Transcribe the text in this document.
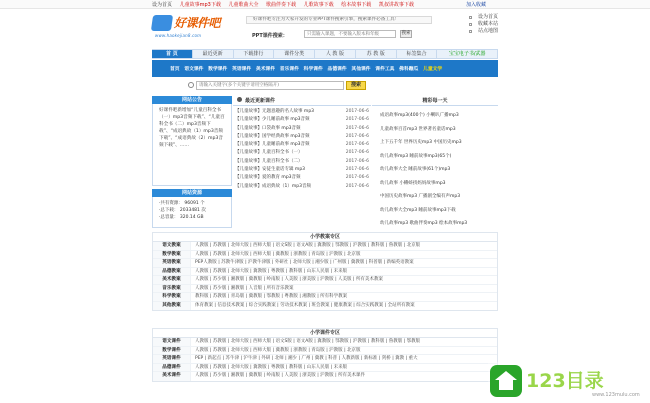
设为首页 儿童故事mp3下载 儿童歌曲大全 歌曲伴奏下载 儿歌故事下载 绘本故事下载 凯叔讲故事下载	加入收藏
好课件吧
www.haokejian8.com
好课件吧专注为大家开发的专业PPT课件搜索引擎，搜索课件必备工具！
PPT课件搜索：
只需输入课题，不要输入版本和年级	搜索
设为首页
收藏本站
站点地图
首 页	最近更新	下载排行	课件分类	人 教 版	苏 教 版	标签集合	宝宝电子书/武器
首页 语文课件 数学课件 英语课件 美术课件 音乐课件 科学课件 品德课件 其他课件 课件工具 佛科蹦瓜 儿童文学
请输入关键字(多个关键字请用空格隔开)
搜索
网站公告
好课件吧新增加“儿童百科全书（一）mp3音频下载”、“儿童百科全书（二）mp3音频下载”、“成语典故（1）mp3音频下载”、“成语典故（2）mp3音频下载”、……
网站资源
·共有资源： 96091 个
·总下载： 2033481 次
·总容量： 320.14 GB
最近更新课件
【儿童故事】无题意趣的名人故事 mp3	2017-06-6
【儿童故事】少儿睡前故事 mp3音频	2017-06-6
【儿童故事】口袋故事 mp3音频	2017-06-6
【儿童故事】国学经典故事 mp3音频	2017-06-6
【儿童故事】儿童睡前故事 mp3音频	2017-06-6
【儿童故事】儿童百科全书（一）	2017-06-6
【儿童故事】儿童百科全书（二）	2017-06-6
【儿童故事】安徒生童话专辑 mp3	2017-06-6
【儿童故事】爱的教育 mp3音频	2017-06-6
【儿童故事】成语典故（1）mp3音频	2017-06-6
精彩每一天
成语故事mp3(400个) 小喇叭广播mp3
儿童故事百首mp3 世界著名童话mp3
上下五千年 世界历史mp3 中国历史mp3
幼儿故事mp3 睡前故事mp3(65个)
幼儿故事大全 睡前故事(61个)mp3
幼儿故事 小蝌蚪找妈妈故事mp3
中国历史故事mp3 广播剧全编有声mp3
幼儿故事大全mp3 睡前故事mp3下载
幼儿故事mp3 歌曲伴奏mp3 绘本故事mp3
小学教案专区
语文教案	人教版 | 苏教版 | 北师大版 | 西师大版 | 语文S版 | 语文A版 | 冀教版 | 鄂教版 | 沪教版 | 教科版 | 鲁教版 | 北京版
数学教案	人教版 | 苏教版 | 北师大版 | 西师大版 | 冀教版 | 浙教版 | 青岛版 | 沪教版 | 北京版
英语教案	PEP人教版 | 苏教牛津版 | 沪教牛津版 | 外研社 | 北师大版 | 湘少版 | 广州版 | 冀教版 | 科普版 | 新编英语教案
品德教案	人教版 | 苏教版 | 北师大版 | 冀教版 | 粤教版 | 教科版 | 山东人民版 | 未来版
美术教案	人教版 | 苏少版 | 湘教版 | 冀教版 | 岭南版 | 人美版 | 浙美版 | 沪教版 | 人美版 | 所有美术教案
音乐教案	人教版 | 苏少版 | 湘教版 | 人音版 | 所有音乐教案
科学教案	教科版 | 苏教版 | 青岛版 | 冀教版 | 鄂教版 | 粤教版 | 湘教版 | 所有科学教案
其他教案	体育教案 | 信息技术教案 | 综合实践教案 | 劳动技术教案 | 班会教案 | 健康教案 | 综合实践教案 | 全站所有教案
小学课件专区
语文课件	人教版 | 苏教版 | 北师大版 | 西师大版 | 语文S版 | 语文A版 | 冀教版 | 鄂教版 | 沪教版 | 教科版 | 鲁教版 | 鄂教版
数学课件	人教版 | 苏教版 | 北师大版 | 西师大版 | 冀教版 | 浙教版 | 青岛版 | 沪教版 | 北京版
英语课件	PEP | 新起点 | 苏牛津 | 沪牛津 | 外研 | 北师 | 湘少 | 广州 | 冀教 | 科普 | 人教新版 | 新标准 | 剑桥 | 冀教 | 重大
品德课件	人教版 | 苏教版 | 北师大版 | 冀教版 | 粤教版 | 教科版 | 山东人民版 | 未来版
美术课件	人教版 | 苏少版 | 湘教版 | 冀教版 | 岭南版 | 人美版 | 浙美版 | 沪教版 | 所有美术课件	123目录
www.123mulu.com
